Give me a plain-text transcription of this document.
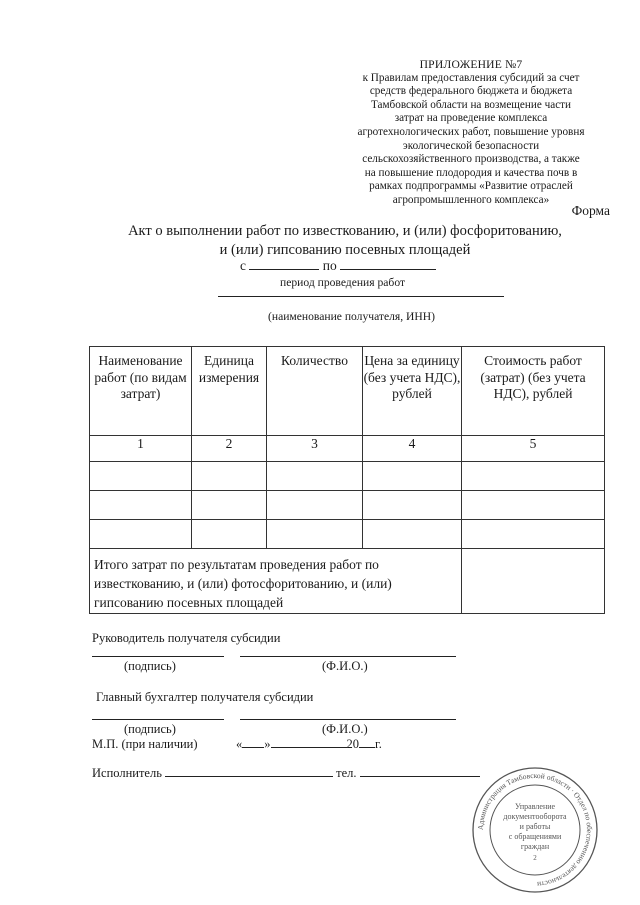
ПРИЛОЖЕНИЕ №7
к Правилам предоставления субсидий за счет
средств федерального бюджета и бюджета
Тамбовской области на возмещение части
затрат на проведение комплекса
агротехнологических работ, повышение уровня
экологической безопасности
сельскохозяйственного производства, а также
на повышение плодородия и качества почв в
рамках подпрограммы «Развитие отраслей
агропромышленного комплекса»
Форма
Акт о выполнении работ по известкованию, и (или) фосфоритованию,
и (или) гипсованию посевных площадей
с	по
период проведения работ
(наименование получателя, ИНН)
Наименование работ (по видам затрат)	Единица измерения	Количество	Цена за единицу (без учета НДС), рублей	Стоимость работ (затрат) (без учета НДС), рублей
1	2	3	4	5

Итого затрат по результатам проведения работ по известкованию, и (или) фотосфоритованию, и (или) гипсованию посевных площадей				
Руководитель получателя субсидии
(подпись)	(Ф.И.О.)
Главный бухгалтер получателя субсидии
(подпись)	(Ф.И.О.)
М.П. (при наличии)	« »	20 г.
Исполнитель	тел.
Администрация Тамбовской области · Отдел по обеспечению деятельности
Управление
документооборота
и работы
с обращениями
граждан
2
